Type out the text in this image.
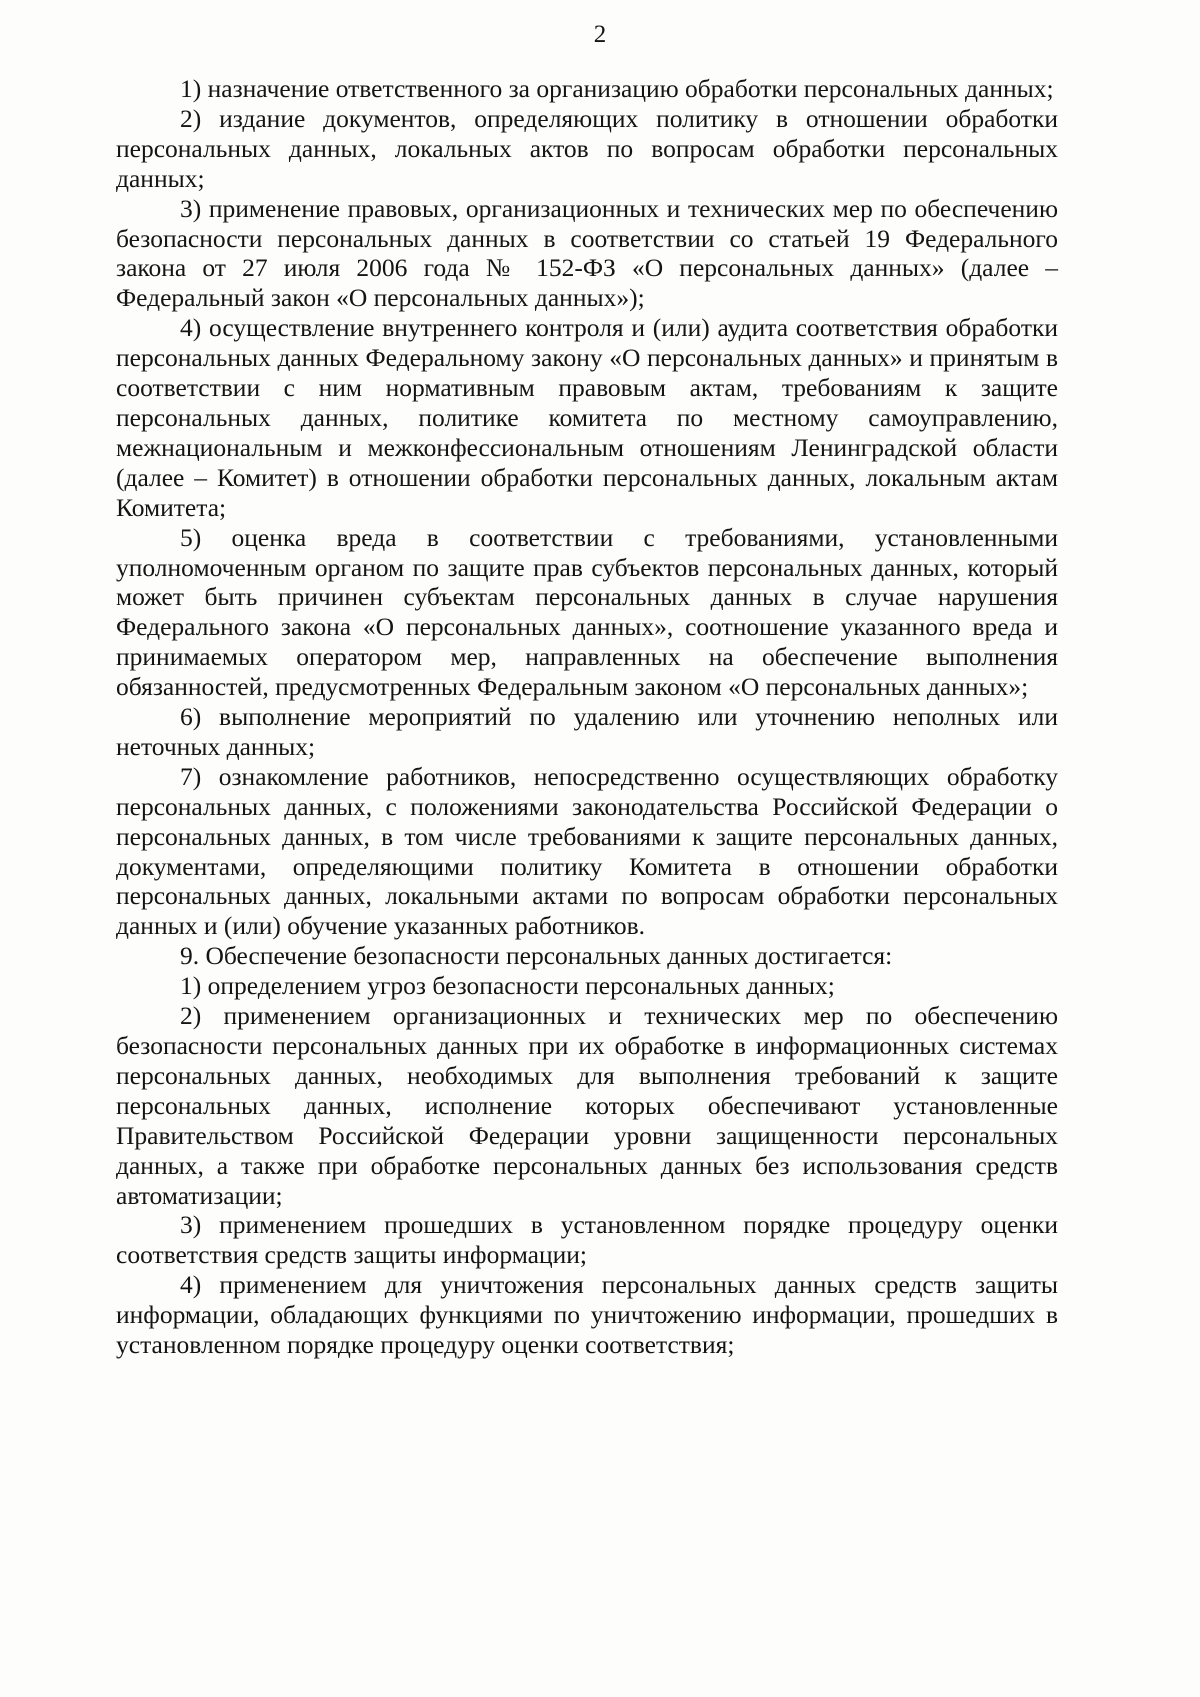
2

1) назначение ответственного за организацию обработки персональных данных;

2) издание документов, определяющих политику в отношении обработки персональных данных, локальных актов по вопросам обработки персональных данных;

3) применение правовых, организационных и технических мер по обеспечению безопасности персональных данных в соответствии со статьей 19 Федерального закона от 27 июля 2006 года № 152-ФЗ «О персональных данных» (далее – Федеральный закон «О персональных данных»);

4) осуществление внутреннего контроля и (или) аудита соответствия обработки персональных данных Федеральному закону «О персональных данных» и принятым в соответствии с ним нормативным правовым актам, требованиям к защите персональных данных, политике комитета по местному самоуправлению, межнациональным и межконфессиональным отношениям Ленинградской области (далее – Комитет) в отношении обработки персональных данных, локальным актам Комитета;

5) оценка вреда в соответствии с требованиями, установленными уполномоченным органом по защите прав субъектов персональных данных, который может быть причинен субъектам персональных данных в случае нарушения Федерального закона «О персональных данных», соотношение указанного вреда и принимаемых оператором мер, направленных на обеспечение выполнения обязанностей, предусмотренных Федеральным законом «О персональных данных»;

6) выполнение мероприятий по удалению или уточнению неполных или неточных данных;

7) ознакомление работников, непосредственно осуществляющих обработку персональных данных, с положениями законодательства Российской Федерации о персональных данных, в том числе требованиями к защите персональных данных, документами, определяющими политику Комитета в отношении обработки персональных данных, локальными актами по вопросам обработки персональных данных и (или) обучение указанных работников.

9. Обеспечение безопасности персональных данных достигается:

1) определением угроз безопасности персональных данных;

2) применением организационных и технических мер по обеспечению безопасности персональных данных при их обработке в информационных системах персональных данных, необходимых для выполнения требований к защите персональных данных, исполнение которых обеспечивают установленные Правительством Российской Федерации уровни защищенности персональных данных, а также при обработке персональных данных без использования средств автоматизации;

3) применением прошедших в установленном порядке процедуру оценки соответствия средств защиты информации;

4) применением для уничтожения персональных данных средств защиты информации, обладающих функциями по уничтожению информации, прошедших в установленном порядке процедуру оценки соответствия;
